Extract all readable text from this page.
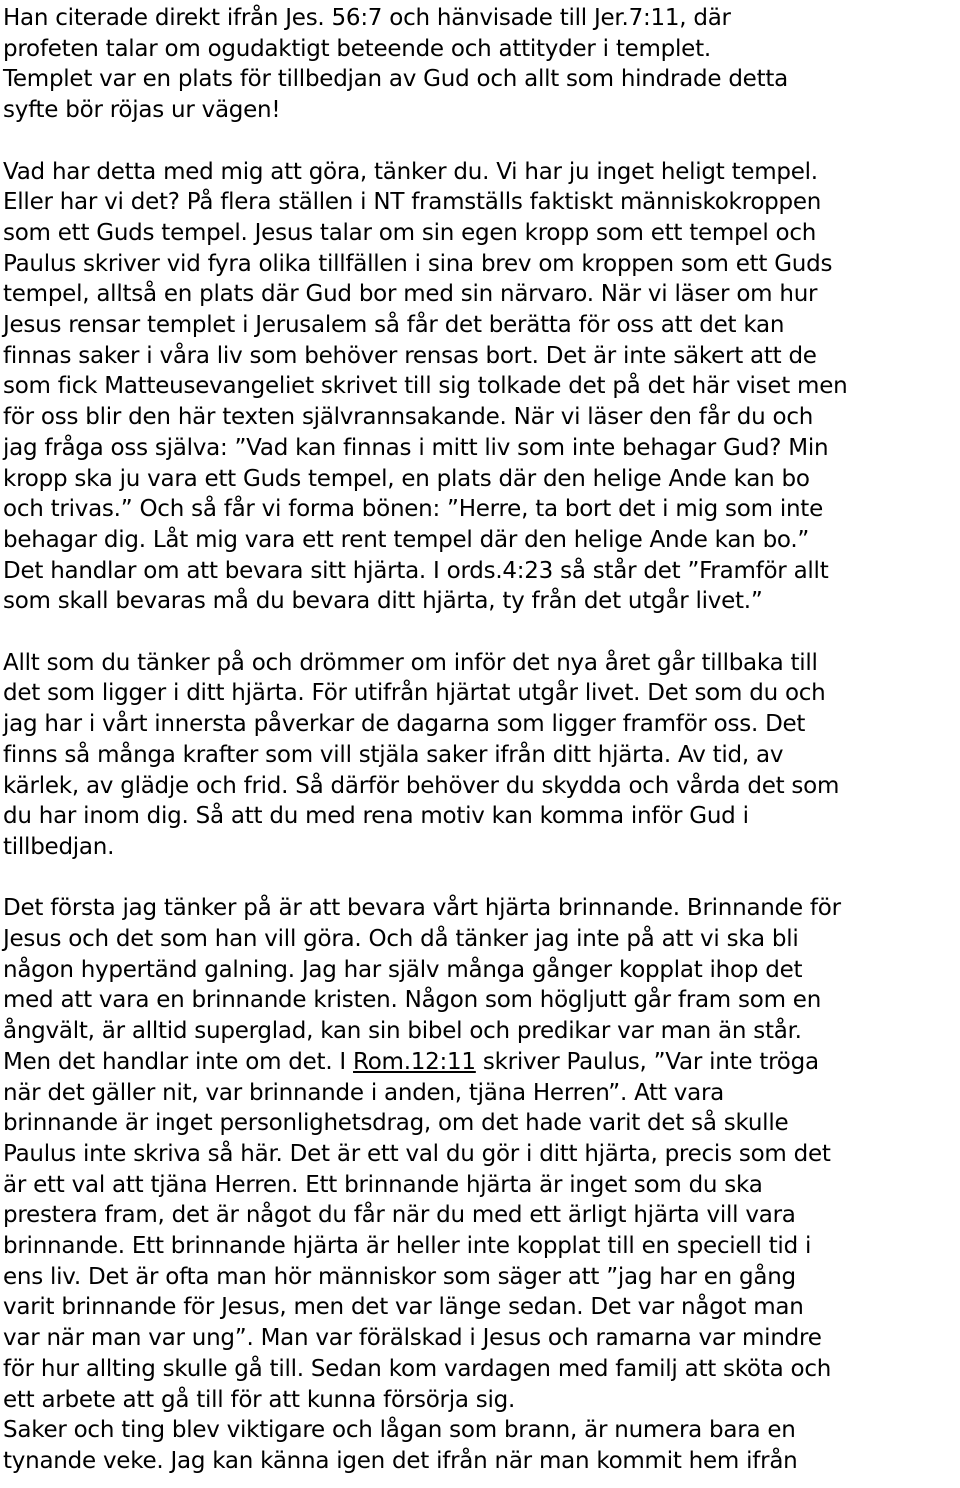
Han citerade direkt ifrån Jes. 56:7 och hänvisade till Jer.7:11, där
profeten talar om ogudaktigt beteende och attityder i templet.
Templet var en plats för tillbedjan av Gud och allt som hindrade detta
syfte bör röjas ur vägen!

Vad har detta med mig att göra, tänker du. Vi har ju inget heligt tempel.
Eller har vi det? På flera ställen i NT framställs faktiskt människokroppen
som ett Guds tempel. Jesus talar om sin egen kropp som ett tempel och
Paulus skriver vid fyra olika tillfällen i sina brev om kroppen som ett Guds
tempel, alltså en plats där Gud bor med sin närvaro. När vi läser om hur
Jesus rensar templet i Jerusalem så får det berätta för oss att det kan
finnas saker i våra liv som behöver rensas bort. Det är inte säkert att de
som fick Matteusevangeliet skrivet till sig tolkade det på det här viset men
för oss blir den här texten självrannsakande. När vi läser den får du och
jag fråga oss själva: ”Vad kan finnas i mitt liv som inte behagar Gud? Min
kropp ska ju vara ett Guds tempel, en plats där den helige Ande kan bo
och trivas.” Och så får vi forma bönen: ”Herre, ta bort det i mig som inte
behagar dig. Låt mig vara ett rent tempel där den helige Ande kan bo.”
Det handlar om att bevara sitt hjärta. I ords.4:23 så står det ”Framför allt
som skall bevaras må du bevara ditt hjärta, ty från det utgår livet.”

Allt som du tänker på och drömmer om inför det nya året går tillbaka till
det som ligger i ditt hjärta. För utifrån hjärtat utgår livet. Det som du och
jag har i vårt innersta påverkar de dagarna som ligger framför oss. Det
finns så många krafter som vill stjäla saker ifrån ditt hjärta. Av tid, av
kärlek, av glädje och frid. Så därför behöver du skydda och vårda det som
du har inom dig. Så att du med rena motiv kan komma inför Gud i
tillbedjan.

Det första jag tänker på är att bevara vårt hjärta brinnande. Brinnande för
Jesus och det som han vill göra. Och då tänker jag inte på att vi ska bli
någon hypertänd galning. Jag har själv många gånger kopplat ihop det
med att vara en brinnande kristen. Någon som högljutt går fram som en
ångvält, är alltid superglad, kan sin bibel och predikar var man än står.
Men det handlar inte om det. I Rom.12:11 skriver Paulus, ”Var inte tröga
när det gäller nit, var brinnande i anden, tjäna Herren”. Att vara
brinnande är inget personlighetsdrag, om det hade varit det så skulle
Paulus inte skriva så här. Det är ett val du gör i ditt hjärta, precis som det
är ett val att tjäna Herren. Ett brinnande hjärta är inget som du ska
prestera fram, det är något du får när du med ett ärligt hjärta vill vara
brinnande. Ett brinnande hjärta är heller inte kopplat till en speciell tid i
ens liv. Det är ofta man hör människor som säger att ”jag har en gång
varit brinnande för Jesus, men det var länge sedan. Det var något man
var när man var ung”. Man var förälskad i Jesus och ramarna var mindre
för hur allting skulle gå till. Sedan kom vardagen med familj att sköta och
ett arbete att gå till för att kunna försörja sig.

Saker och ting blev viktigare och lågan som brann, är numera bara en
tynande veke. Jag kan känna igen det ifrån när man kommit hem ifrån
